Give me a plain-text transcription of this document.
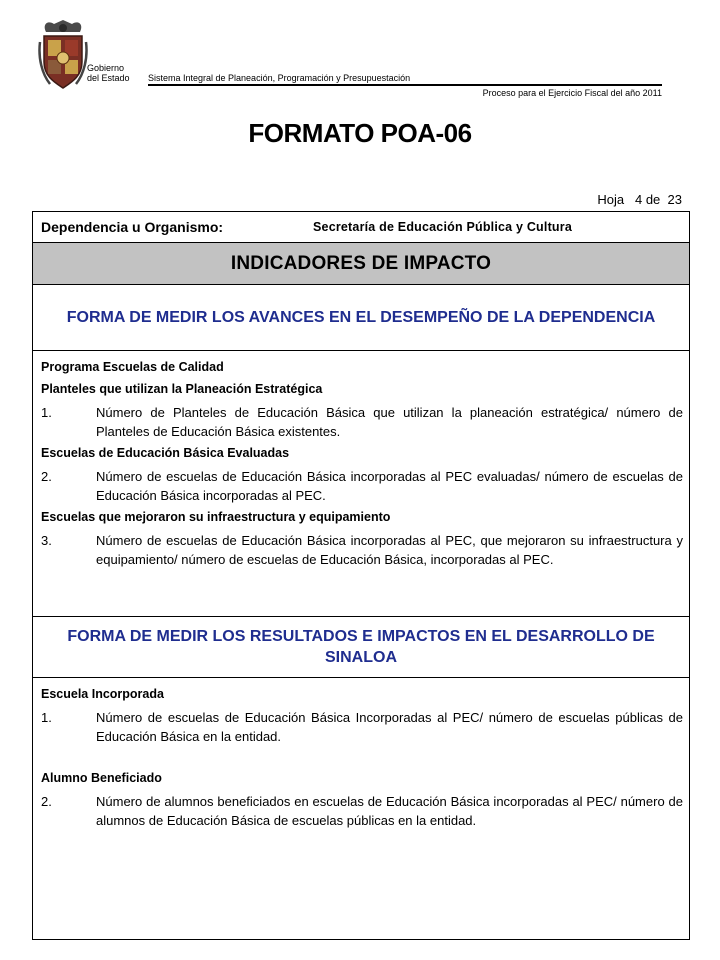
Gobierno
del Estado Sistema Integral de Planeación, Programación y Presupuestación
Proceso para el Ejercicio Fiscal del año 2011
FORMATO POA-06
Hoja 4 de 23
Dependencia u Organismo:	Secretaría de Educación Pública y Cultura
INDICADORES DE IMPACTO
FORMA DE MEDIR LOS AVANCES EN EL DESEMPEÑO DE LA DEPENDENCIA
Programa Escuelas de Calidad
Planteles que utilizan la Planeación Estratégica
1.	Número de Planteles de Educación Básica que utilizan la planeación estratégica/ número de Planteles de Educación Básica existentes.
Escuelas de Educación Básica Evaluadas
2.	Número de escuelas de Educación Básica incorporadas al PEC evaluadas/ número de escuelas de Educación Básica incorporadas al PEC.
Escuelas que mejoraron su infraestructura y equipamiento
3.	Número de escuelas de Educación Básica incorporadas al PEC, que mejoraron su infraestructura y equipamiento/ número de escuelas de Educación Básica, incorporadas al PEC.
FORMA DE MEDIR LOS RESULTADOS E IMPACTOS EN EL DESARROLLO DE SINALOA
Escuela Incorporada
1.	Número de escuelas de Educación Básica Incorporadas al PEC/ número de escuelas públicas de Educación Básica en la entidad.
Alumno Beneficiado
2.	Número de alumnos beneficiados en escuelas de Educación Básica incorporadas al PEC/ número de alumnos de Educación Básica de escuelas públicas en la entidad.
